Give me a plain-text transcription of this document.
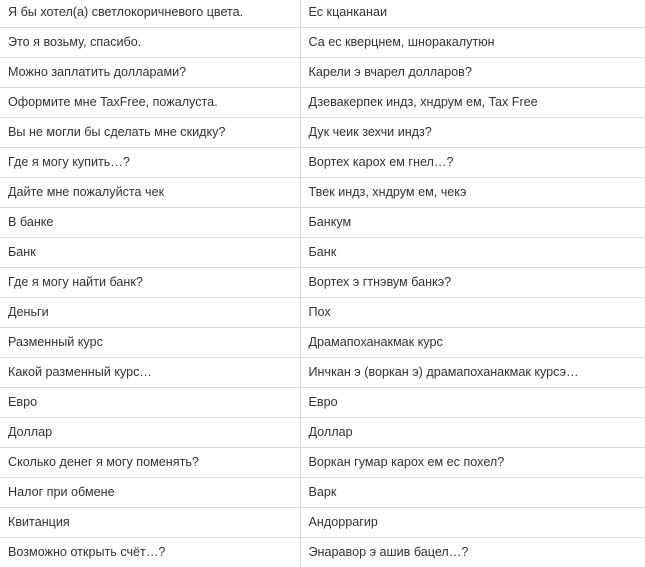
Я бы хотел(а) светлокоричневого цвета.	Ес кцанканаи
Это я возьму, спасибо.	Са ес кверцнем, шноракалутюн
Можно заплатить долларами?	Карели э вчарел долларов?
Оформите мне TaxFree, пожалуста.	Дзевакерпек индз, хндрум ем, Tax Free
Вы не могли бы сделать мне скидку?	Дук чеик зехчи индз?
Где я могу купить…?	Вортех карох ем гнел…?
Дайте мне пожалуйста чек	Твек индз, хндрум ем, чекэ
В банке	Банкум
Банк	Банк
Где я могу найти банк?	Вортех э гтнэвум банкэ?
Деньги	Пох
Разменный курс	Драмапоханакмак курс
Какой разменный курс…	Инчкан э (воркан э) драмапоханакмак курсэ…
Евро	Евро
Доллар	Доллар
Сколько денег я могу поменять?	Воркан гумар карох ем ес похел?
Налог при обмене	Варк
Квитанция	Андоррагир
Возможно открыть счёт…?	Энаравор э ашив бацел…?
